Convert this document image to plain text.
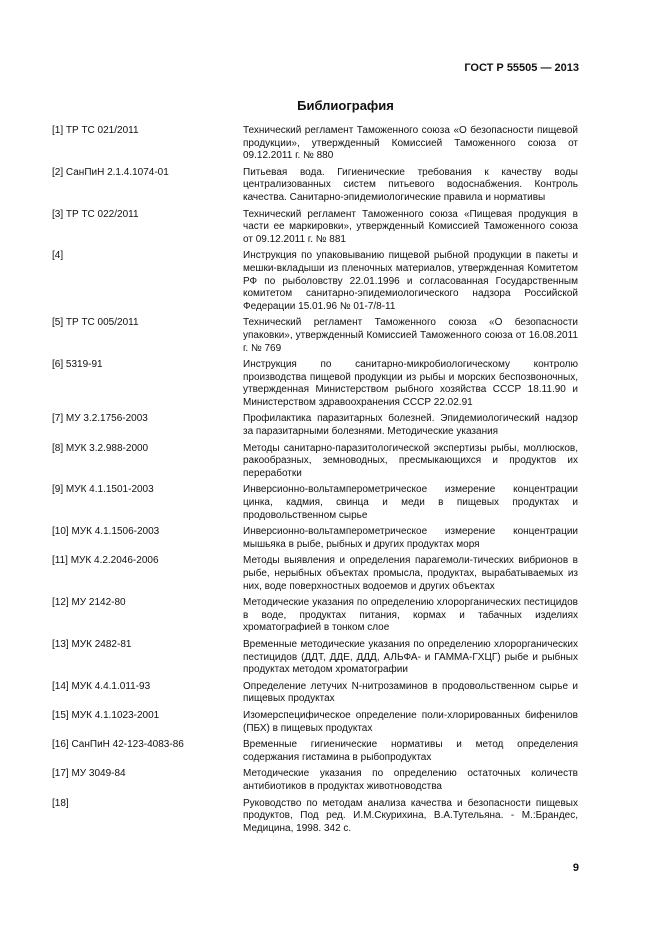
ГОСТ Р 55505 — 2013
Библиография
[1] ТР ТС 021/2011	Технический регламент Таможенного союза «О безопасности пищевой продукции», утвержденный Комиссией Таможенного союза от 09.12.2011 г. № 880
[2] СанПиН 2.1.4.1074-01	Питьевая вода. Гигиенические требования к качеству воды централизованных систем питьевого водоснабжения. Контроль качества. Санитарно-эпидемиологические правила и нормативы
[3] ТР ТС 022/2011	Технический регламент Таможенного союза «Пищевая продукция в части ее маркировки», утвержденный Комиссией Таможенного союза от 09.12.2011 г. № 881
[4]	Инструкция по упаковыванию пищевой рыбной продукции в пакеты и мешки-вкладыши из пленочных материалов, утвержденная Комитетом РФ по рыболовству 22.01.1996 и согласованная Государственным комитетом санитарно-эпидемиологического надзора Российской Федерации 15.01.96 № 01-7/8-11
[5] ТР ТС 005/2011	Технический регламент Таможенного союза «О безопасности упаковки», утвержденный Комиссией Таможенного союза от 16.08.2011 г. № 769
[6] 5319-91	Инструкция по санитарно-микробиологическому контролю производства пищевой продукции из рыбы и морских беспозвоночных, утвержденная Министерством рыбного хозяйства СССР 18.11.90 и Министерством здравоохранения СССР 22.02.91
[7] МУ 3.2.1756-2003	Профилактика паразитарных болезней. Эпидемиологический надзор за паразитарными болезнями. Методические указания
[8] МУК 3.2.988-2000	Методы санитарно-паразитологической экспертизы рыбы, моллюсков, ракообразных, земноводных, пресмыкающихся и продуктов их переработки
[9] МУК 4.1.1501-2003	Инверсионно-вольтамперометрическое измерение концентрации цинка, кадмия, свинца и меди в пищевых продуктах и продовольственном сырье
[10] МУК 4.1.1506-2003	Инверсионно-вольтамперометрическое измерение концентрации мышьяка в рыбе, рыбных и других продуктах моря
[11] МУК 4.2.2046-2006	Методы выявления и определения парагемоли-тических вибрионов в рыбе, нерыбных объектах промысла, продуктах, вырабатываемых из них, воде поверхностных водоемов и других объектах
[12] МУ 2142-80	Методические указания по определению хлорорганических пестицидов в воде, продуктах питания, кормах и табачных изделиях хроматографией в тонком слое
[13] МУК 2482-81	Временные методические указания по определению хлорорганических пестицидов (ДДТ, ДДЕ, ДДД, АЛЬФА- и ГАММА-ГХЦГ) рыбе и рыбных продуктах методом хроматографии
[14] МУК 4.4.1.011-93	Определение летучих N-нитрозаминов в продовольственном сырье и пищевых продуктах
[15] МУК 4.1.1023-2001	Изомерспецифическое определение поли-хлорированных бифенилов (ПБХ) в пищевых продуктах
[16] СанПиН 42-123-4083-86	Временные гигиенические нормативы и метод определения содержания гистамина в рыбопродуктах
[17] МУ 3049-84	Методические указания по определению остаточных количеств антибиотиков в продуктах животноводства
[18]	Руководство по методам анализа качества и безопасности пищевых продуктов, Под ред. И.М.Скурихина, В.А.Тутельяна. - М.:Брандес, Медицина, 1998. 342 с.
9
